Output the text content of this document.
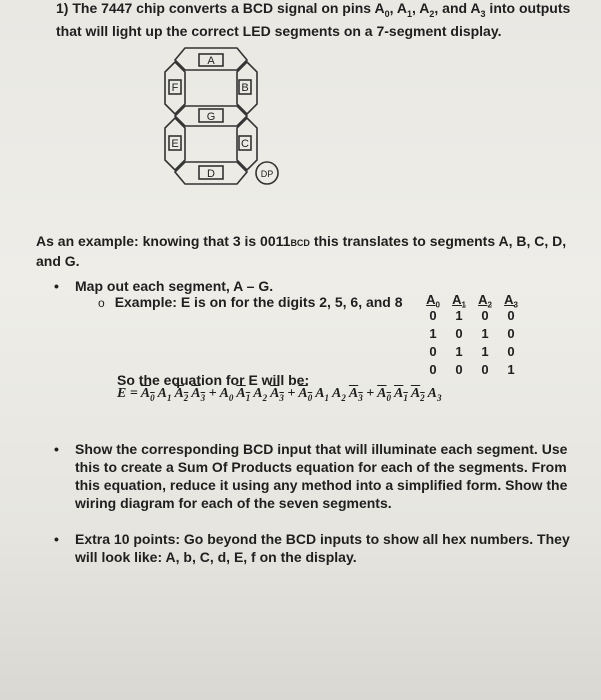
1) The 7447 chip converts a BCD signal on pins $A_0$, $A_1$, $A_2$, and $A_3$ into outputs that will light up the correct LED segments on a 7-segment display.
A
F	B
G
E	C
D	DP
As an example: knowing that 3 is 0011BCD this translates to segments A, B, C, D, and G.
• Map out each segment, A – G.
o Example: E is on for the digits 2, 5, 6, and 8 $A_0$ $A_1$ $A_2$ $A_3$
0	1	0	0
1	0	1	0
0	1	1	0
0	0	0	1
So the equation for E will be:
$E = A_0$ $A_1$ $A_2$ $A_3 + A_0$ $A_1$ $A_2$ $A_3 + A_0$ $A_1$ $A_2$ $A_3 + A_0$ $A_1$ $A_2$ $A_3$
• Show the corresponding BCD input that will illuminate each segment. Use this to create a Sum Of Products equation for each of the segments. From this equation, reduce it using any method into a simplified form. Show the wiring diagram for each of the seven segments.
• Extra 10 points: Go beyond the BCD inputs to show all hex numbers. They will look like: A, b, C, d, E, f on the display.
